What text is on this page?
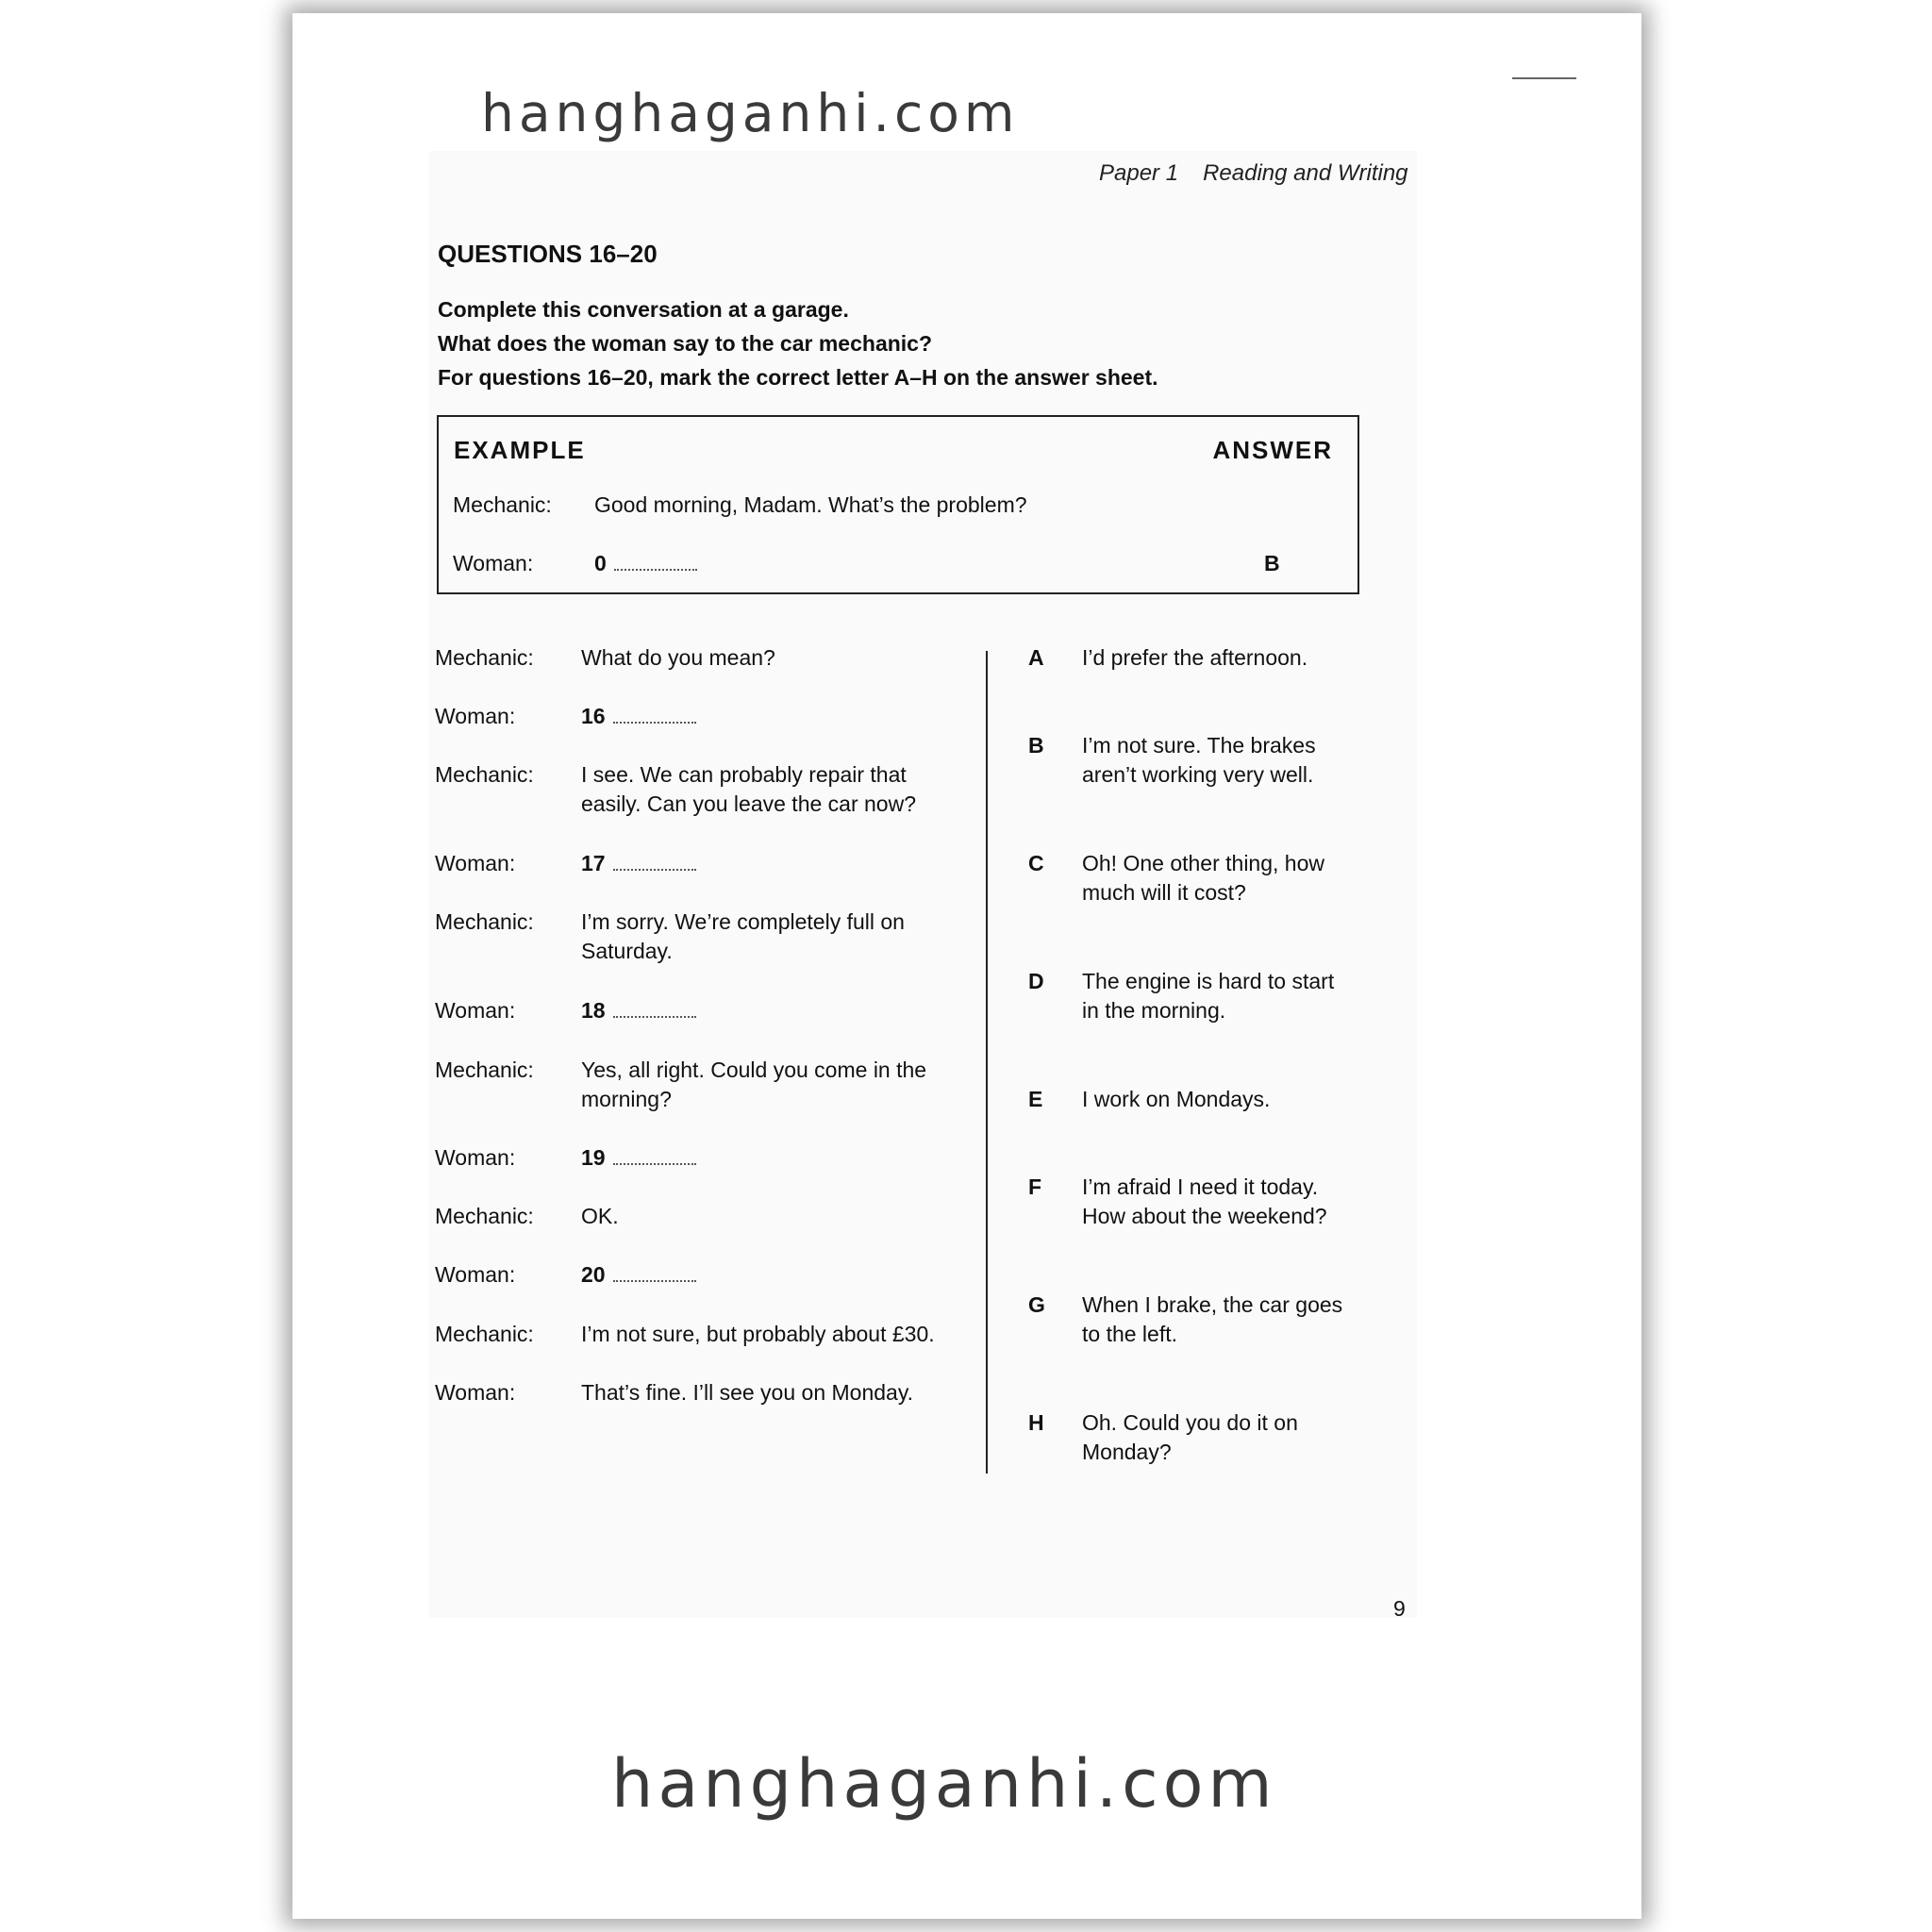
hanghaganhi.com
Paper 1 Reading and Writing
QUESTIONS 16–20
Complete this conversation at a garage.
What does the woman say to the car mechanic?
For questions 16–20, mark the correct letter A–H on the answer sheet.
EXAMPLE	ANSWER
Mechanic: Good morning, Madam. What’s the problem?
Woman:	0	B
Mechanic: What do you mean?
Woman:	16
Mechanic: I see. We can probably repair that
easily. Can you leave the car now?
Woman:	17
Mechanic: I’m sorry. We’re completely full on
Saturday.
Woman:	18
Mechanic: Yes, all right. Could you come in the
morning?
Woman:	19
Mechanic: OK.
Woman:	20
Mechanic: I’m not sure, but probably about £30.
Woman:	That’s fine. I’ll see you on Monday.
A I’d prefer the afternoon.
B I’m not sure. The brakes
aren’t working very well.
C Oh! One other thing, how
much will it cost?
D The engine is hard to start
in the morning.
E I work on Mondays.
F I’m afraid I need it today.
How about the weekend?
G When I brake, the car goes
to the left.
H Oh. Could you do it on
Monday?
9
hanghaganhi.com
